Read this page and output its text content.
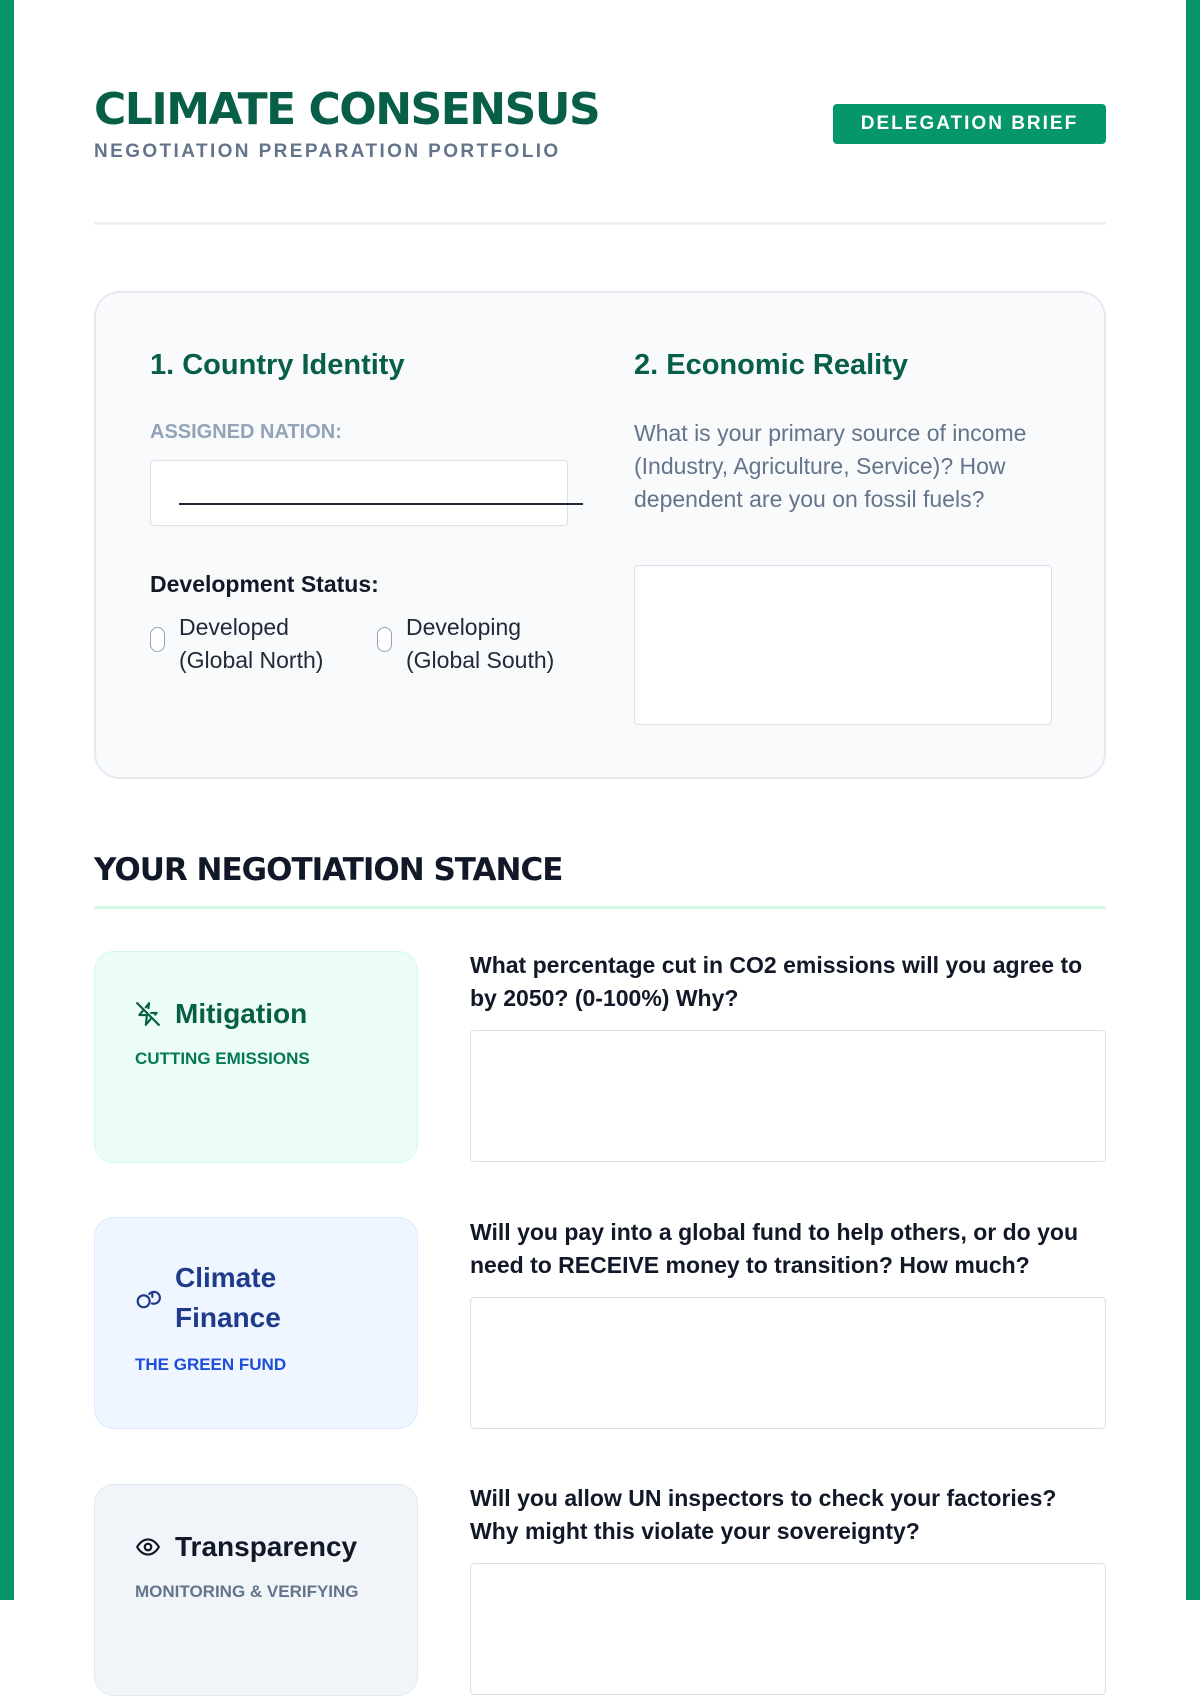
CLIMATE CONSENSUS
NEGOTIATION PREPARATION PORTFOLIO
DELEGATION BRIEF
1. Country Identity
ASSIGNED NATION:
Development Status:
Developed
(Global North)
Developing
(Global South)
2. Economic Reality
What is your primary source of income (Industry, Agriculture, Service)? How dependent are you on fossil fuels?
YOUR NEGOTIATION STANCE
Mitigation
CUTTING EMISSIONS
What percentage cut in CO2 emissions will you agree to by 2050? (0-100%) Why?
Climate
Finance
THE GREEN FUND
Will you pay into a global fund to help others, or do you need to RECEIVE money to transition? How much?
Transparency
MONITORING & VERIFYING
Will you allow UN inspectors to check your factories? Why might this violate your sovereignty?
